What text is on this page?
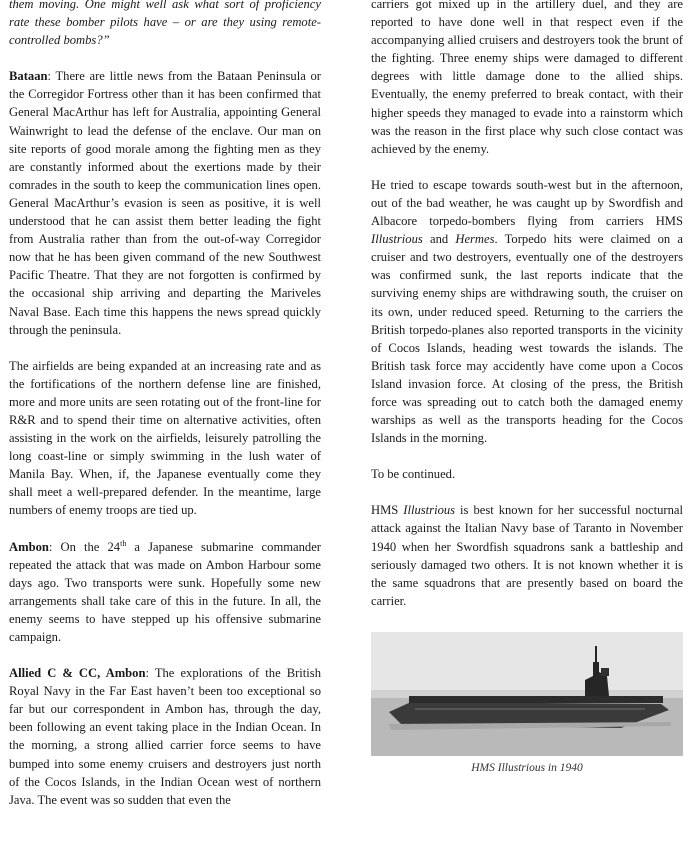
them moving. One might well ask what sort of proficiency rate these bomber pilots have – or are they using remote-controlled bombs?”

Bataan: There are little news from the Bataan Peninsula or the Corregidor Fortress other than it has been confirmed that General MacArthur has left for Australia, appointing General Wainwright to lead the defense of the enclave. Our man on site reports of good morale among the fighting men as they are constantly informed about the exertions made by their comrades in the south to keep the communication lines open. General MacArthur’s evasion is seen as positive, it is well understood that he can assist them better leading the fight from Australia rather than from the out-of-way Corregidor now that he has been given command of the new Southwest Pacific Theatre. That they are not forgotten is confirmed by the occasional ship arriving and departing the Mariveles Naval Base. Each time this happens the news spread quickly through the peninsula.

The airfields are being expanded at an increasing rate and as the fortifications of the northern defense line are finished, more and more units are seen rotating out of the front-line for R&R and to spend their time on alternative activities, often assisting in the work on the airfields, leisurely patrolling the long coast-line or simply swimming in the lush water of Manila Bay. When, if, the Japanese eventually come they shall meet a well-prepared defender. In the meantime, large numbers of enemy troops are tied up.

Ambon: On the 24th a Japanese submarine commander repeated the attack that was made on Ambon Harbour some days ago. Two transports were sunk. Hopefully some new arrangements shall take care of this in the future. In all, the enemy seems to have stepped up his offensive submarine campaign.

Allied C & CC, Ambon: The explorations of the British Royal Navy in the Far East haven’t been too exceptional so far but our correspondent in Ambon has, through the day, been following an event taking place in the Indian Ocean. In the morning, a strong allied carrier force seems to have bumped into some enemy cruisers and destroyers just north of the Cocos Islands, in the Indian Ocean west of northern Java. The event was so sudden that even the

carriers got mixed up in the artillery duel, and they are reported to have done well in that respect even if the accompanying allied cruisers and destroyers took the brunt of the fighting. Three enemy ships were damaged to different degrees with little damage done to the allied ships. Eventually, the enemy preferred to break contact, with their higher speeds they managed to evade into a rainstorm which was the reason in the first place why such close contact was achieved by the enemy.

He tried to escape towards south-west but in the afternoon, out of the bad weather, he was caught up by Swordfish and Albacore torpedo-bombers flying from carriers HMS Illustrious and Hermes. Torpedo hits were claimed on a cruiser and two destroyers, eventually one of the destroyers was confirmed sunk, the last reports indicate that the surviving enemy ships are withdrawing south, the cruiser on its own, under reduced speed. Returning to the carriers the British torpedo-planes also reported transports in the vicinity of Cocos Islands, heading west towards the islands. The British task force may accidently have come upon a Cocos Island invasion force. At closing of the press, the British force was spreading out to catch both the damaged enemy warships as well as the transports heading for the Cocos Islands in the morning.

To be continued.

HMS Illustrious is best known for her successful nocturnal attack against the Italian Navy base of Taranto in November 1940 when her Swordfish squadrons sank a battleship and seriously damaged two others. It is not known whether it is the same squadrons that are presently based on board the carrier.

HMS Illustrious in 1940
